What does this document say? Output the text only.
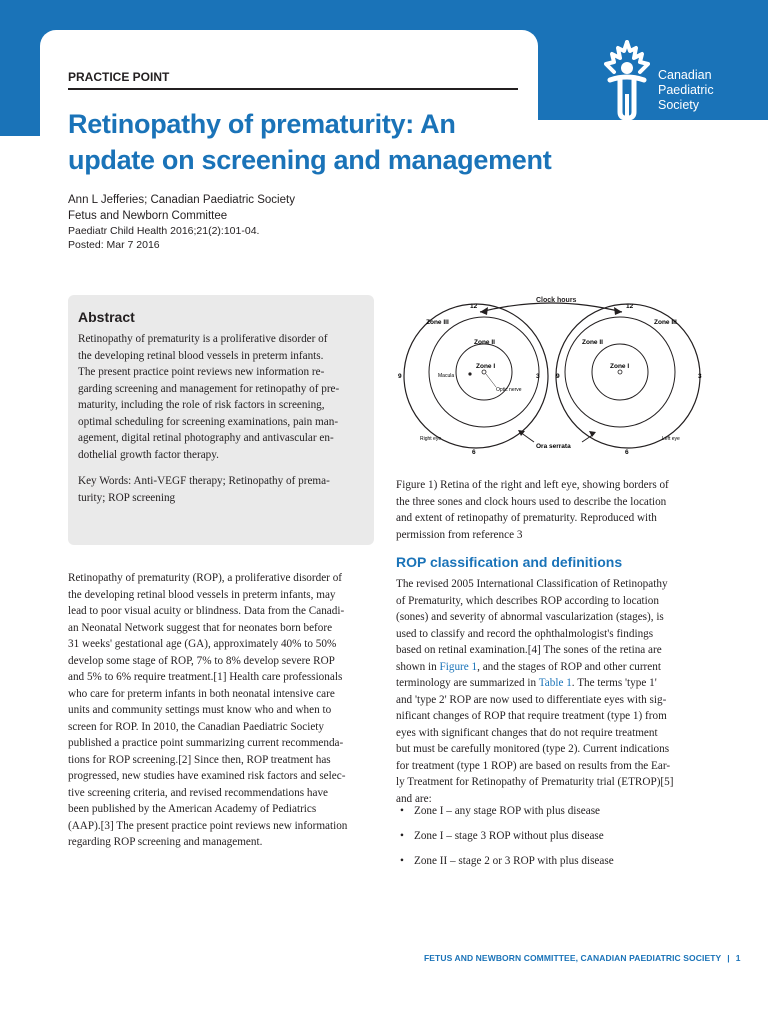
Canadian
Paediatric
Society
PRACTICE POINT
Retinopathy of prematurity: An
update on screening and management
Ann L Jefferies; Canadian Paediatric Society
Fetus and Newborn Committee
Paediatr Child Health 2016;21(2):101-04.
Posted: Mar 7 2016
Abstract
Retinopathy of prematurity is a proliferative disorder of
the developing retinal blood vessels in preterm infants.
The present practice point reviews new information re-
garding screening and management for retinopathy of pre-
maturity, including the role of risk factors in screening,
optimal scheduling for screening examinations, pain man-
agement, digital retinal photography and antivascular en-
dothelial growth factor therapy.
Key Words: Anti-VEGF therapy; Retinopathy of prema-
turity; ROP screening
Retinopathy of prematurity (ROP), a proliferative disorder of
the developing retinal blood vessels in preterm infants, may
lead to poor visual acuity or blindness. Data from the Canadi-
an Neonatal Network suggest that for neonates born before
31 weeks' gestational age (GA), approximately 40% to 50%
develop some stage of ROP, 7% to 8% develop severe ROP
and 5% to 6% require treatment.[1] Health care professionals
who care for preterm infants in both neonatal intensive care
units and community settings must know who and when to
screen for ROP. In 2010, the Canadian Paediatric Society
published a practice point summarizing current recommenda-
tions for ROP screening.[2] Since then, ROP treatment has
progressed, new studies have examined risk factors and selec-
tive screening criteria, and revised recommendations have
been published by the American Academy of Pediatrics
(AAP).[3] The present practice point reviews new information
regarding ROP screening and management.
Clock hours
12	12
Zone III
Zone II
Zone I
Macula
Optic nerve
9	3
6
Right eye
Zone III
Zone II
Zone I
9	3
6
Left eye
Ora serrata
Figure 1) Retina of the right and left eye, showing borders of
the three sones and clock hours used to describe the location
and extent of retinopathy of prematurity. Reproduced with
permission from reference 3
ROP classification and definitions
The revised 2005 International Classification of Retinopathy
of Prematurity, which describes ROP according to location
(sones) and severity of abnormal vascularization (stages), is
used to classify and record the ophthalmologist's findings
based on retinal examination.[4] The sones of the retina are
shown in Figure 1, and the stages of ROP and other current
terminology are summarized in Table 1. The terms 'type 1'
and 'type 2' ROP are now used to differentiate eyes with sig-
nificant changes of ROP that require treatment (type 1) from
eyes with significant changes that do not require treatment
but must be carefully monitored (type 2). Current indications
for treatment (type 1 ROP) are based on results from the Ear-
ly Treatment for Retinopathy of Prematurity trial (ETROP)[5]
and are:
• Zone I – any stage ROP with plus disease
• Zone I – stage 3 ROP without plus disease
• Zone II – stage 2 or 3 ROP with plus disease
FETUS AND NEWBORN COMMITTEE, CANADIAN PAEDIATRIC SOCIETY | 1
